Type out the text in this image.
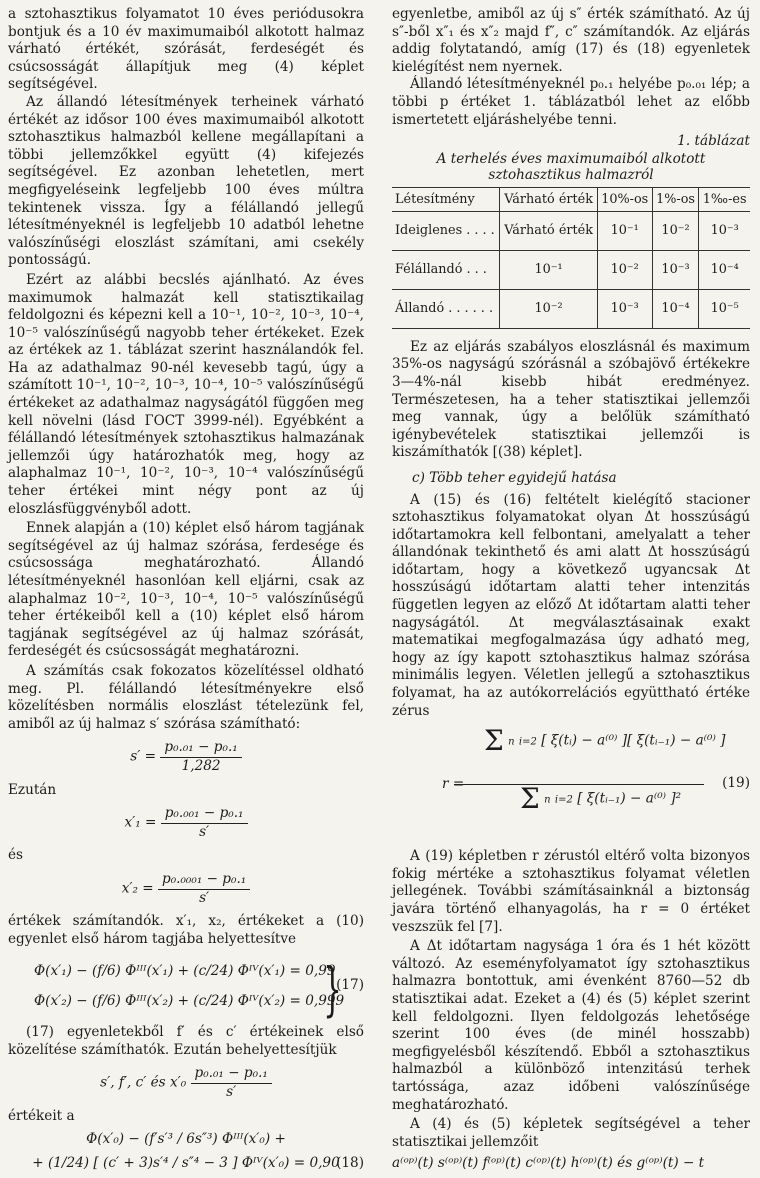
a sztohasztikus folyamatot 10 éves periódusokra bontjuk és a 10 év maximumaiból alkotott halmaz várható értékét, szórását, ferdeségét és csúcsosságát állapítjuk meg (4) képlet segítségével.

Az állandó létesítmények terheinek várható értékét az idősor 100 éves maximumaiból alkotott sztohasztikus halmazból kellene megállapítani a többi jellemzőkkel együtt (4) kifejezés segítségével. Ez azonban lehetetlen, mert megfigyeléseink legfeljebb 100 éves múltra tekintenek vissza. Így a félállandó jellegű létesítményeknél is legfeljebb 10 adatból lehetne valószínűségi eloszlást számítani, ami csekély pontosságú.

Ezért az alábbi becslés ajánlható. Az éves maximumok halmazát kell statisztikailag feldolgozni és képezni kell a 10⁻¹, 10⁻², 10⁻³, 10⁻⁴, 10⁻⁵ valószínűségű nagyobb teher értékeket. Ezek az értékek az 1. táblázat szerint használandók fel. Ha az adathalmaz 90-nél kevesebb tagú, úgy a számított 10⁻¹, 10⁻², 10⁻³, 10⁻⁴, 10⁻⁵ valószínűségű értékeket az adathalmaz nagyságától függően meg kell növelni (lásd ГОСТ 3999-nél). Egyébként a félállandó létesítmények sztohasztikus halmazának jellemzői úgy határozhatók meg, hogy az alaphalmaz 10⁻¹, 10⁻², 10⁻³, 10⁻⁴ valószínűségű teher értékei mint négy pont az új eloszlásfüggvényből adott.

Ennek alapján a (10) képlet első három tagjának segítségével az új halmaz szórása, ferdesége és csúcsossága meghatározható. Állandó létesítményeknél hasonlóan kell eljárni, csak az alaphalmaz 10⁻², 10⁻³, 10⁻⁴, 10⁻⁵ valószínűségű teher értékeiből kell a (10) képlet első három tagjának segítségével az új halmaz szórását, ferdeségét és csúcsosságát meghatározni.

A számítás csak fokozatos közelítéssel oldható meg. Pl. félállandó létesítményekre első közelítésben normális eloszlást tételezünk fel, amiből az új halmaz s′ szórása számítható:

$s' = \frac{\text{p₀.₀₁ − p₀.₁}}{1,282}$

Ezután

$x'_1 = \frac{\text{p₀.₀₀₁ − p₀.₁}}{s'}$

és

$x'_2 = \frac{\text{p₀.₀₀₀₁ − p₀.₁}}{s'}$

értékek számítandók. x′₁, x₂, értékeket a (10) egyenlet első három tagjába helyettesítve

Φ(x′₁) − (f/6) Φᴵᴵᴵ(x′₁) + (c/24) Φᴵⱽ(x′₁) = 0,99
Φ(x′₂) − (f/6) Φᴵᴵᴵ(x′₂) + (c/24) Φᴵⱽ(x′₂) = 0,999
}
(17)

(17) egyenletekből f′ és c′ értékeinek első közelítése számíthatók. Ezután behelyettesítjük

s′, f′, c′ és $x'_0 \frac{\text{p₀.₀₁ − p₀.₁}}{s'}$

értékeit a

Φ(x′₀) − (f′s′³ / 6s″³) Φᴵᴵᴵ(x′₀) +
+ (1/24) [ (c′ + 3)s′⁴ / s″⁴ − 3 ] Φᴵⱽ(x′₀) = 0,90
(18)

egyenletbe, amiből az új s″ érték számítható. Az új s″-ből x″₁ és x″₂ majd f″, c″ számítandók. Az eljárás addig folytatandó, amíg (17) és (18) egyenletek kielégítést nem nyernek.

Állandó létesítményeknél p₀.₁ helyébe p₀.₀₁ lép; a többi p értéket 1. táblázatból lehet az előbb ismertetett eljáráshelyébe tenni.

1. táblázat
A terhelés éves maximumaiból alkotott sztohasztikus halmazról
Létesítmény	Várható érték	10%-os	1%-os	1‰-es
Ideiglenes . . . .	Várható érték	10⁻¹	10⁻²	10⁻³
Félállandó . . .	10⁻¹	10⁻²	10⁻³	10⁻⁴
Állandó . . . . . .	10⁻²	10⁻³	10⁻⁴	10⁻⁵

Ez az eljárás szabályos eloszlásnál és maximum 35%-os nagyságú szórásnál a szóbajövő értékekre 3—4%-nál kisebb hibát eredményez. Természetesen, ha a teher statisztikai jellemzői meg vannak, úgy a belőlük számítható igénybevételek statisztikai jellemzői is kiszámíthatók [(38) képlet].

c) Több teher egyidejű hatása

A (15) és (16) feltételt kielégítő stacioner sztohasztikus folyamatokat olyan Δt hosszúságú időtartamokra kell felbontani, amelyalatt a teher állandónak tekinthető és ami alatt Δt hosszúságú időtartam, hogy a következő ugyancsak Δt hosszúságú időtartam alatti teher intenzitás független legyen az előző Δt időtartam alatti teher nagyságától. Δt megválasztásainak exakt matematikai megfogalmazása úgy adható meg, hogy az így kapott sztohasztikus halmaz szórása minimális legyen. Véletlen jellegű a sztohasztikus folyamat, ha az autókorrelációs együttható értéke zérus

r =
Σ n i=2 [ ξ(tᵢ) − a⁽⁰⁾ ][ ξ(tᵢ₋₁) − a⁽⁰⁾ ]
Σ n i=2 [ ξ(tᵢ₋₁) − a⁽⁰⁾ ]²
(19)

A (19) képletben r zérustól eltérő volta bizonyos fokig mértéke a sztohasztikus folyamat véletlen jellegének. További számításainknál a biztonság javára történő elhanyagolás, ha r = 0 értéket veszszük fel [7].

A Δt időtartam nagysága 1 óra és 1 hét között változó. Az eseményfolyamatot így sztohasztikus halmazra bontottuk, ami évenként 8760—52 db statisztikai adat. Ezeket a (4) és (5) képlet szerint kell feldolgozni. Ilyen feldolgozás lehetősége szerint 100 éves (de minél hosszabb) megfigyelésből készítendő. Ebből a sztohasztikus halmazból a különböző intenzitású terhek tartóssága, azaz időbeni valószínűsége meghatározható.

A (4) és (5) képletek segítségével a teher statisztikai jellemzőit

a⁽ᵒᵖ⁾(t) s⁽ᵒᵖ⁾(t) f⁽ᵒᵖ⁾(t) c⁽ᵒᵖ⁾(t) h⁽ᵒᵖ⁾(t) és g⁽ᵒᵖ⁾(t) − t
